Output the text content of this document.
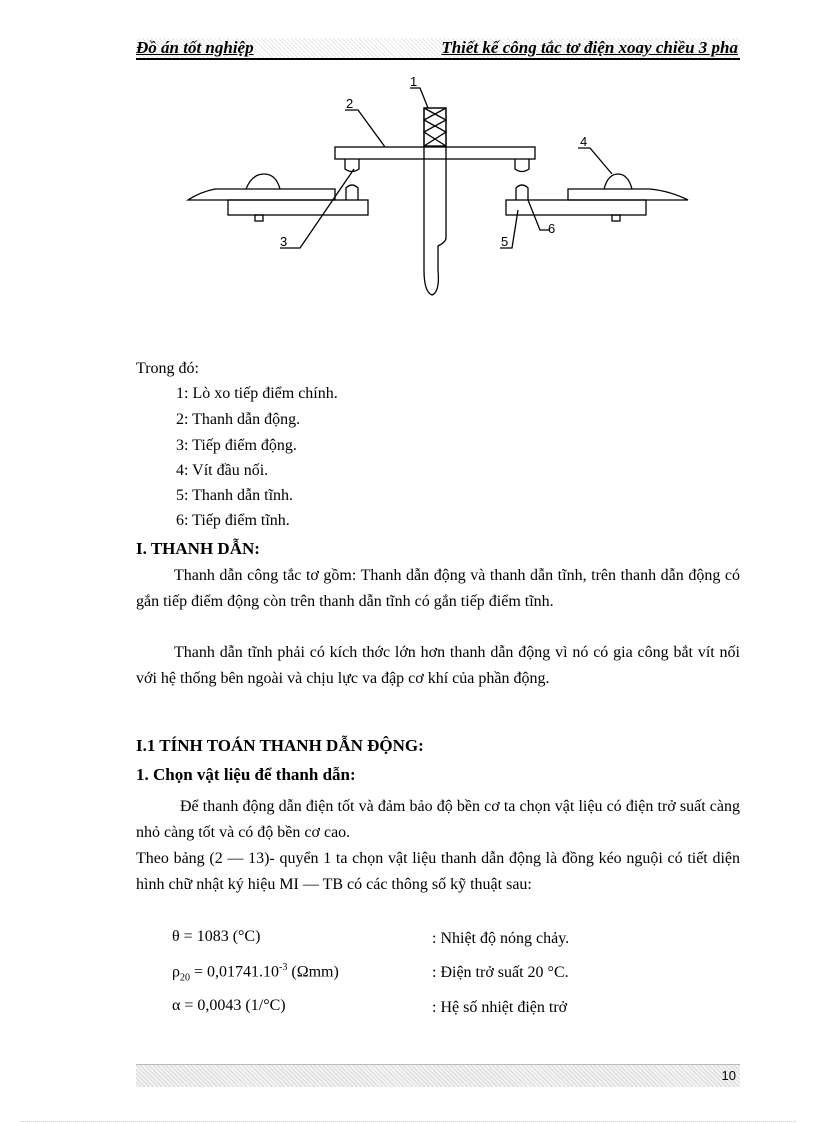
Đồ án tốt nghiệp	Thiết kế công tắc tơ điện xoay chiều 3 pha
1
2
3
4
5
6
Trong đó:
1: Lò xo tiếp điểm chính.
2: Thanh dẫn động.
3: Tiếp điểm động.
4: Vít đầu nối.
5: Thanh dẫn tĩnh.
6: Tiếp điểm tĩnh.
I. THANH DẪN:
Thanh dẫn công tắc tơ gồm: Thanh dẫn động và thanh dẫn tĩnh, trên thanh dẫn động có gắn tiếp điểm động còn trên thanh dẫn tĩnh có gắn tiếp điểm tĩnh.
Thanh dẫn tĩnh phải có kích thớc lớn hơn thanh dẫn động vì nó có gia công bắt vít nối với hệ thống bên ngoài và chịu lực va đập cơ khí của phần động.
I.1 TÍNH TOÁN THANH DẪN ĐỘNG:
1. Chọn vật liệu để thanh dẫn:
Để thanh động dẫn điện tốt và đảm bảo độ bền cơ ta chọn vật liệu có điện trở suất càng nhỏ càng tốt và có độ bền cơ cao.
Theo bảng (2 — 13)- quyển 1 ta chọn vật liệu thanh dẫn động là đồng kéo nguội có tiết diện hình chữ nhật ký hiệu MI — TB có các thông số kỹ thuật sau:
θ = 1083 (°C)	: Nhiệt độ nóng chảy.
$\rho_{20} = 0,01741.10^{-3}$ (Ωmm)	: Điện trở suất 20 °C.
α = 0,0043 (1/°C)	: Hệ số nhiệt điện trở
10
